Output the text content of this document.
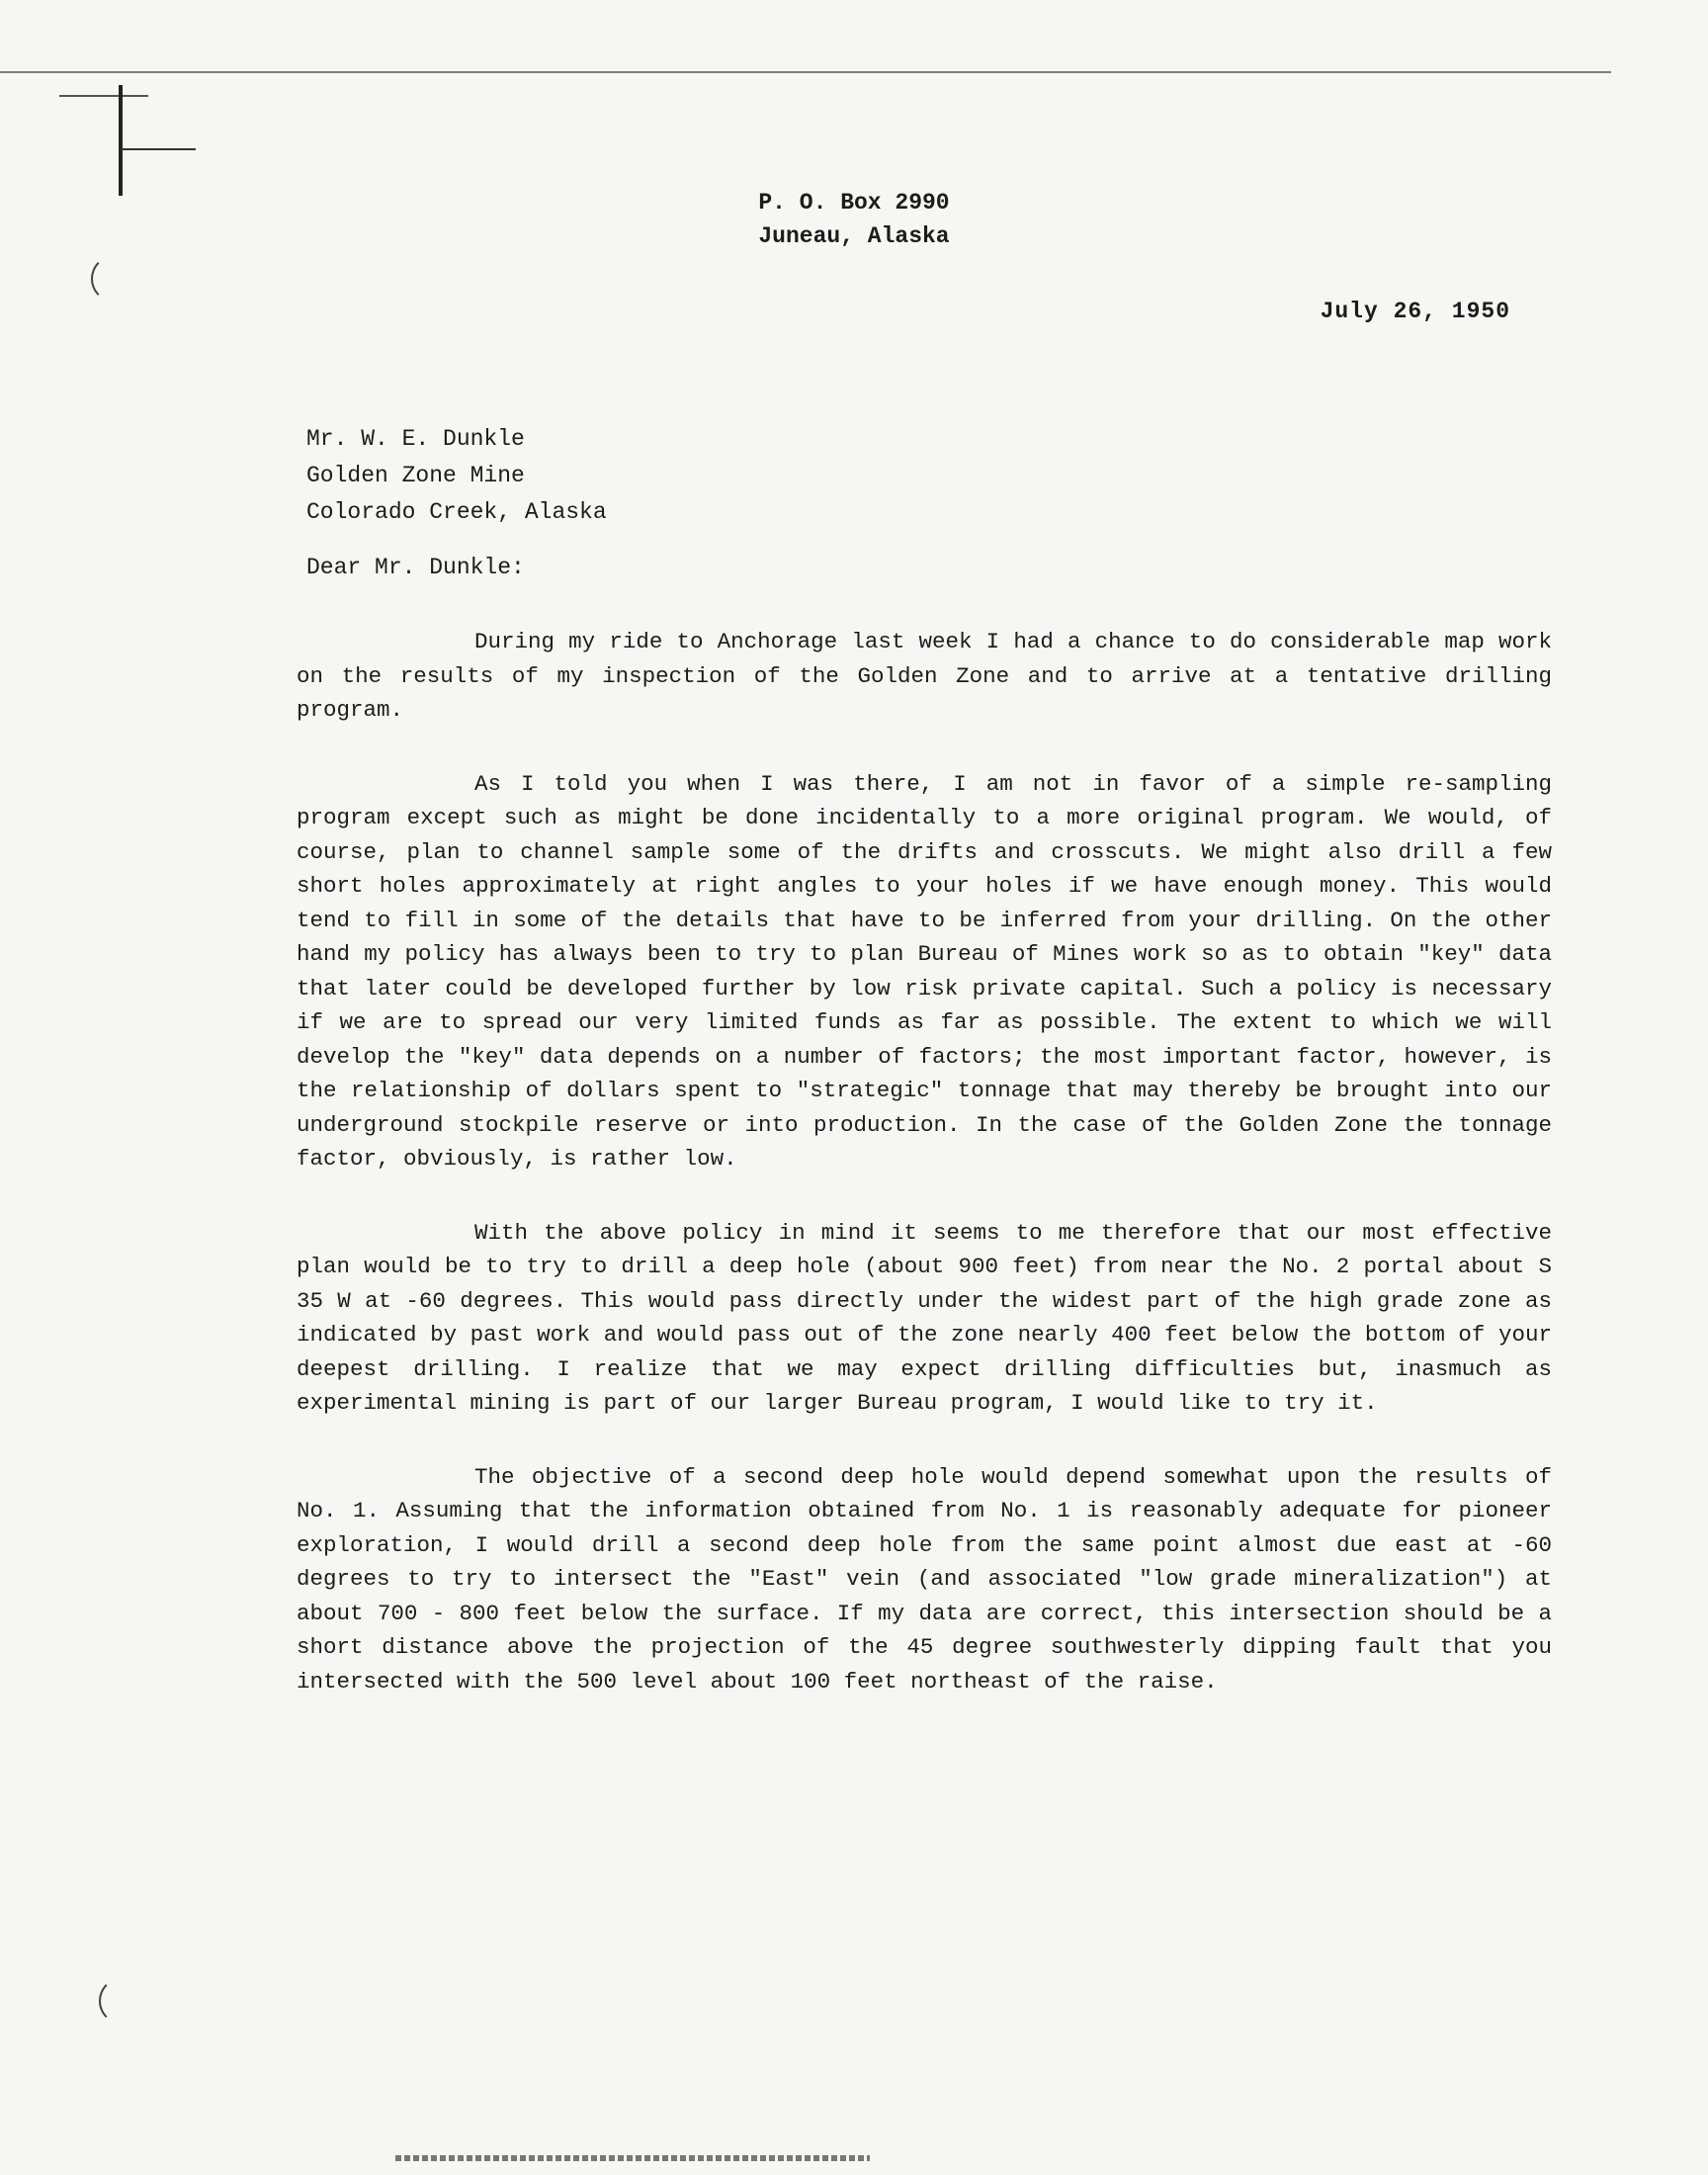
P. O. Box 2990
Juneau, Alaska
July 26, 1950
Mr. W. E. Dunkle
Golden Zone Mine
Colorado Creek, Alaska
Dear Mr. Dunkle:

During my ride to Anchorage last week I had a chance to do considerable map work on the results of my inspection of the Golden Zone and to arrive at a tentative drilling program.

As I told you when I was there, I am not in favor of a simple re-sampling program except such as might be done incidentally to a more original program. We would, of course, plan to channel sample some of the drifts and crosscuts. We might also drill a few short holes approximately at right angles to your holes if we have enough money. This would tend to fill in some of the details that have to be inferred from your drilling. On the other hand my policy has always been to try to plan Bureau of Mines work so as to obtain "key" data that later could be developed further by low risk private capital. Such a policy is necessary if we are to spread our very limited funds as far as possible. The extent to which we will develop the "key" data depends on a number of factors; the most important factor, however, is the relationship of dollars spent to "strategic" tonnage that may thereby be brought into our underground stockpile reserve or into production. In the case of the Golden Zone the tonnage factor, obviously, is rather low.

With the above policy in mind it seems to me therefore that our most effective plan would be to try to drill a deep hole (about 900 feet) from near the No. 2 portal about S 35 W at -60 degrees. This would pass directly under the widest part of the high grade zone as indicated by past work and would pass out of the zone nearly 400 feet below the bottom of your deepest drilling. I realize that we may expect drilling difficulties but, inasmuch as experimental mining is part of our larger Bureau program, I would like to try it.

The objective of a second deep hole would depend somewhat upon the results of No. 1. Assuming that the information obtained from No. 1 is reasonably adequate for pioneer exploration, I would drill a second deep hole from the same point almost due east at -60 degrees to try to intersect the "East" vein (and associated "low grade mineralization") at about 700 - 800 feet below the surface. If my data are correct, this intersection should be a short distance above the projection of the 45 degree southwesterly dipping fault that you intersected with the 500 level about 100 feet northeast of the raise.
